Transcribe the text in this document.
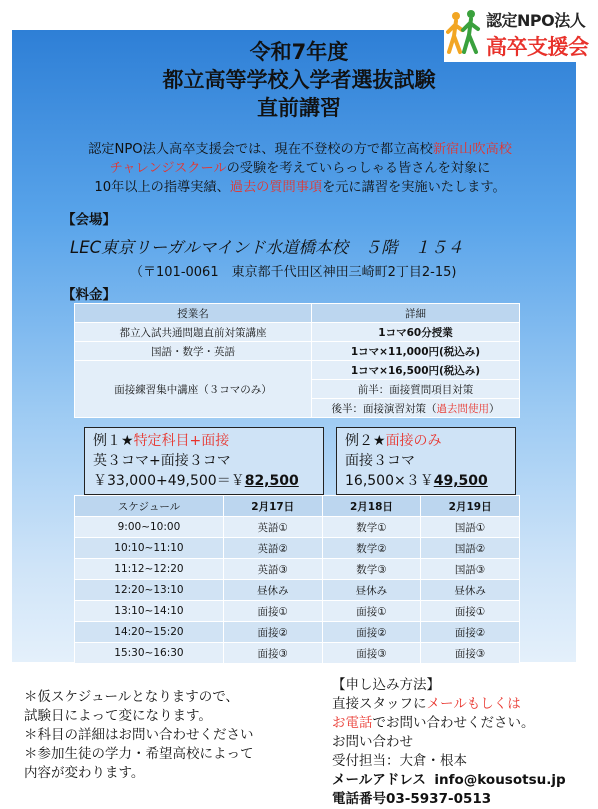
認定NPO法人
高卒支援会
令和7年度
都立高等学校入学者選抜試験
直前講習
認定NPO法人高卒支援会では、現在不登校の方で都立高校新宿山吹高校
チャレンジスクールの受験を考えていらっしゃる皆さんを対象に
10年以上の指導実績、過去の質問事項を元に講習を実施いたします。
【会場】
LEC東京リーガルマインド水道橋本校　５階　１５４
（〒101-0061　東京都千代田区神田三崎町2丁目2-15)
【料金】
授業名	詳細
都立入試共通問題直前対策講座	1コマ60分授業
国語・数学・英語	1コマ×11,000円(税込み)
面接練習集中講座（３コマのみ）	1コマ×16,500円(税込み)
	前半：面接質問項目対策
	後半：面接演習対策（過去問使用）
例１★特定科目+面接
英３コマ+面接３コマ
￥33,000+49,500＝￥82,500
例２★面接のみ
面接３コマ
16,500×３￥49,500
スケジュール	2月17日	2月18日	2月19日
9:00~10:00	英語①	数学①	国語①
10:10~11:10	英語②	数学②	国語②
11:12~12:20	英語③	数学③	国語③
12:20~13:10	昼休み	昼休み	昼休み
13:10~14:10	面接①	面接①	面接①
14:20~15:20	面接②	面接②	面接②
15:30~16:30	面接③	面接③	面接③
＊仮スケジュールとなりますので、
試験日によって変になります。
＊科目の詳細はお問い合わせください
＊参加生徒の学力・希望高校によって
内容が変わります。
【申し込み方法】
直接スタッフにメールもしくは
お電話でお問い合わせください。
お問い合わせ
受付担当：大倉・根本
メールアドレス info@kousotsu.jp
電話番号03-5937-0513
